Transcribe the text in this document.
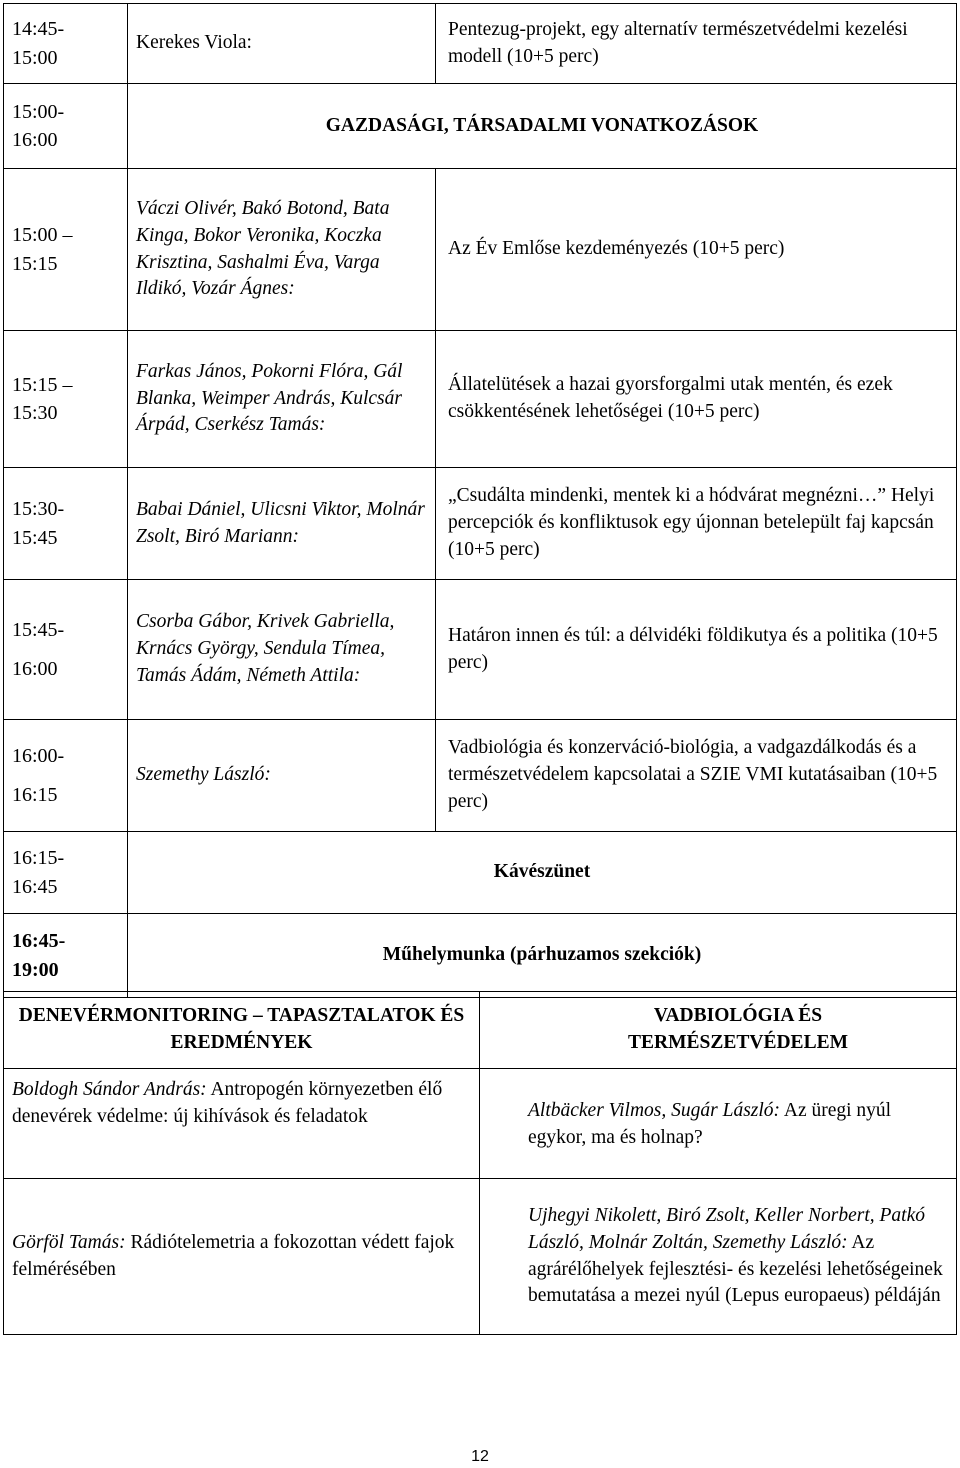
14:45-
15:00	Kerekes Viola:	Pentezug-projekt, egy alternatív természetvédelmi kezelési modell (10+5 perc)

15:00-
16:00	GAZDASÁGI, TÁRSADALMI VONATKOZÁSOK	

15:00 –
15:15	Váczi Olivér, Bakó Botond, Bata Kinga, Bokor Veronika, Koczka Krisztina, Sashalmi Éva, Varga Ildikó, Vozár Ágnes:	Az Év Emlőse kezdeményezés (10+5 perc)

15:15 –
15:30	Farkas János, Pokorni Flóra, Gál Blanka, Weimper András, Kulcsár Árpád, Cserkész Tamás:	Állatelütések a hazai gyorsforgalmi utak mentén, és ezek csökkentésének lehetőségei (10+5 perc)

15:30-
15:45	Babai Dániel, Ulicsni Viktor, Molnár Zsolt, Biró Mariann:	„Csudálta mindenki, mentek ki a hódvárat megnézni…” Helyi percepciók és konfliktusok egy újonnan betelepült faj kapcsán (10+5 perc)

15:45-
16:00	Csorba Gábor, Krivek Gabriella, Krnács György, Sendula Tímea, Tamás Ádám, Németh Attila:	Határon innen és túl: a délvidéki földikutya és a politika (10+5 perc)

16:00-
16:15	Szemethy László:	Vadbiológia és konzerváció-biológia, a vadgazdálkodás és a természetvédelem kapcsolatai a SZIE VMI kutatásaiban (10+5 perc)

16:15-
16:45	Kávészünet	

16:45-
19:00	Műhelymunka (párhuzamos szekciók)	
DENEVÉRMONITORING – TAPASZTALATOK ÉS EREDMÉNYEK	VADBIOLÓGIA ÉS TERMÉSZETVÉDELEM
Boldogh Sándor András: Antropogén környezetben élő denevérek védelme: új kihívások és feladatok	Altbäcker Vilmos, Sugár László: Az üregi nyúl egykor, ma és holnap?
Görföl Tamás: Rádiótelemetria a fokozottan védett fajok felmérésében	Ujhegyi Nikolett, Biró Zsolt, Keller Norbert, Patkó László, Molnár Zoltán, Szemethy László: Az agrárélőhelyek fejlesztési- és kezelési lehetőségeinek bemutatása a mezei nyúl (Lepus europaeus) példáján
12
